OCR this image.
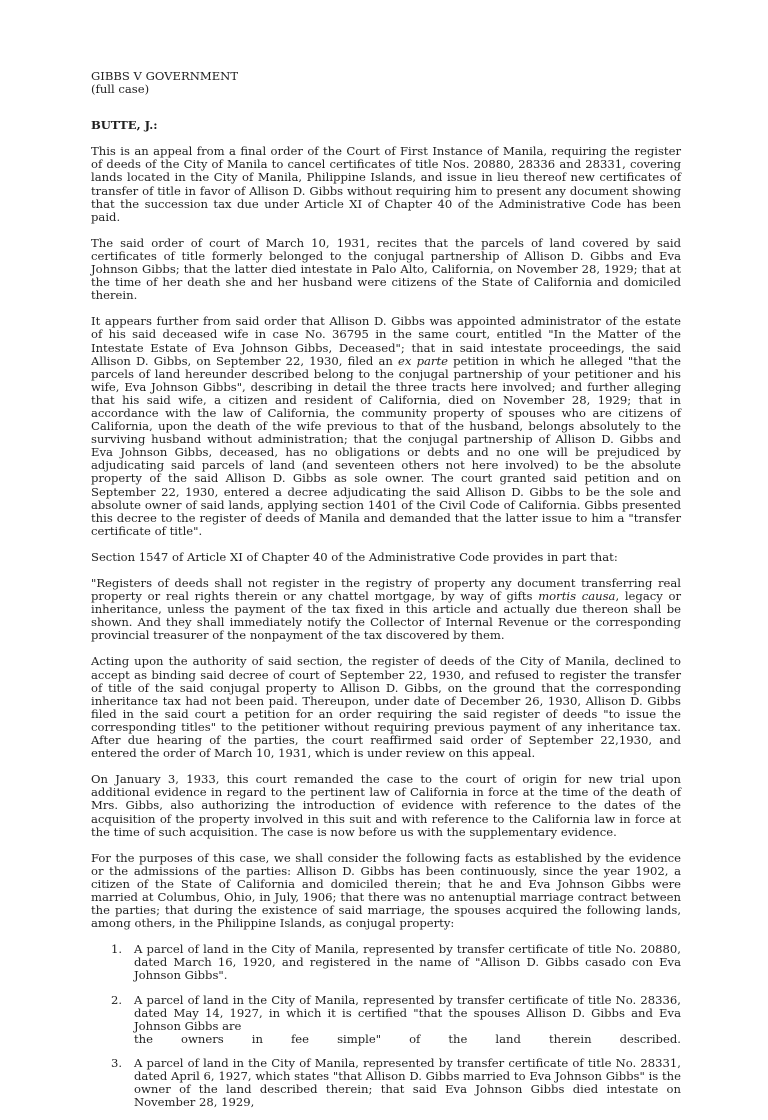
GIBBS V GOVERNMENT
(full case)
BUTTE, J.:

This is an appeal from a final order of the Court of First Instance of Manila, requiring the register of deeds of the City of Manila to cancel certificates of title Nos. 20880, 28336 and 28331, covering lands located in the City of Manila, Philippine Islands, and issue in lieu thereof new certificates of transfer of title in favor of Allison D. Gibbs without requiring him to present any document showing that the succession tax due under Article XI of Chapter 40 of the Administrative Code has been paid.

The said order of court of March 10, 1931, recites that the parcels of land covered by said certificates of title formerly belonged to the conjugal partnership of Allison D. Gibbs and Eva Johnson Gibbs; that the latter died intestate in Palo Alto, California, on November 28, 1929; that at the time of her death she and her husband were citizens of the State of California and domiciled therein.

It appears further from said order that Allison D. Gibbs was appointed administrator of the estate of his said deceased wife in case No. 36795 in the same court, entitled "In the Matter of the Intestate Estate of Eva Johnson Gibbs, Deceased"; that in said intestate proceedings, the said Allison D. Gibbs, on September 22, 1930, filed an ex parte petition in which he alleged "that the parcels of land hereunder described belong to the conjugal partnership of your petitioner and his wife, Eva Johnson Gibbs", describing in detail the three tracts here involved; and further alleging that his said wife, a citizen and resident of California, died on November 28, 1929; that in accordance with the law of California, the community property of spouses who are citizens of California, upon the death of the wife previous to that of the husband, belongs absolutely to the surviving husband without administration; that the conjugal partnership of Allison D. Gibbs and Eva Johnson Gibbs, deceased, has no obligations or debts and no one will be prejudiced by adjudicating said parcels of land (and seventeen others not here involved) to be the absolute property of the said Allison D. Gibbs as sole owner. The court granted said petition and on September 22, 1930, entered a decree adjudicating the said Allison D. Gibbs to be the sole and absolute owner of said lands, applying section 1401 of the Civil Code of California. Gibbs presented this decree to the register of deeds of Manila and demanded that the latter issue to him a "transfer certificate of title".

Section 1547 of Article XI of Chapter 40 of the Administrative Code provides in part that:

"Registers of deeds shall not register in the registry of property any document transferring real property or real rights therein or any chattel mortgage, by way of gifts mortis causa, legacy or inheritance, unless the payment of the tax fixed in this article and actually due thereon shall be shown. And they shall immediately notify the Collector of Internal Revenue or the corresponding provincial treasurer of the nonpayment of the tax discovered by them.

Acting upon the authority of said section, the register of deeds of the City of Manila, declined to accept as binding said decree of court of September 22, 1930, and refused to register the transfer of title of the said conjugal property to Allison D. Gibbs, on the ground that the corresponding inheritance tax had not been paid. Thereupon, under date of December 26, 1930, Allison D. Gibbs filed in the said court a petition for an order requiring the said register of deeds "to issue the corresponding titles" to the petitioner without requiring previous payment of any inheritance tax. After due hearing of the parties, the court reaffirmed said order of September 22,1930, and entered the order of March 10, 1931, which is under review on this appeal.

On January 3, 1933, this court remanded the case to the court of origin for new trial upon additional evidence in regard to the pertinent law of California in force at the time of the death of Mrs. Gibbs, also authorizing the introduction of evidence with reference to the dates of the acquisition of the property involved in this suit and with reference to the California law in force at the time of such acquisition. The case is now before us with the supplementary evidence.

For the purposes of this case, we shall consider the following facts as established by the evidence or the admissions of the parties: Allison D. Gibbs has been continuously, since the year 1902, a citizen of the State of California and domiciled therein; that he and Eva Johnson Gibbs were married at Columbus, Ohio, in July, 1906; that there was no antenuptial marriage contract between the parties; that during the existence of said marriage, the spouses acquired the following lands, among others, in the Philippine Islands, as conjugal property:

1. A parcel of land in the City of Manila, represented by transfer certificate of title No. 20880, dated March 16, 1920, and registered in the name of "Allison D. Gibbs casado con Eva Johnson Gibbs".
2. A parcel of land in the City of Manila, represented by transfer certificate of title No. 28336, dated May 14, 1927, in which it is certified "that the spouses Allison D. Gibbs and Eva Johnson Gibbs are
the owners in fee simple" of the land therein described.
3. A parcel of land in the City of Manila, represented by transfer certificate of title No. 28331, dated April 6, 1927, which states "that Allison D. Gibbs married to Eva Johnson Gibbs" is the owner of the land described therein; that said Eva Johnson Gibbs died intestate on November 28, 1929,
